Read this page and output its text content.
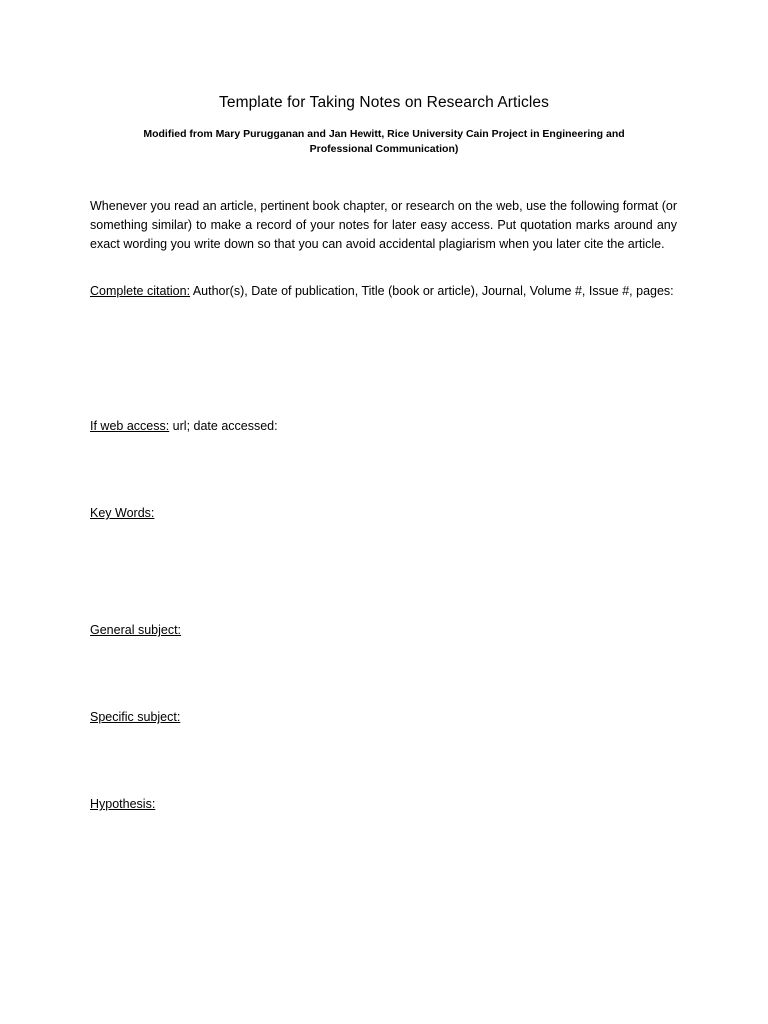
Template for Taking Notes on Research Articles
Modified from Mary Purugganan and Jan Hewitt, Rice University Cain Project in Engineering and Professional Communication)
Whenever you read an article, pertinent book chapter, or research on the web, use the following format (or something similar) to make a record of your notes for later easy access. Put quotation marks around any exact wording you write down so that you can avoid accidental plagiarism when you later cite the article.
Complete citation: Author(s), Date of publication, Title (book or article), Journal, Volume #, Issue #, pages:
If web access: url; date accessed:
Key Words:
General subject:
Specific subject:
Hypothesis:
